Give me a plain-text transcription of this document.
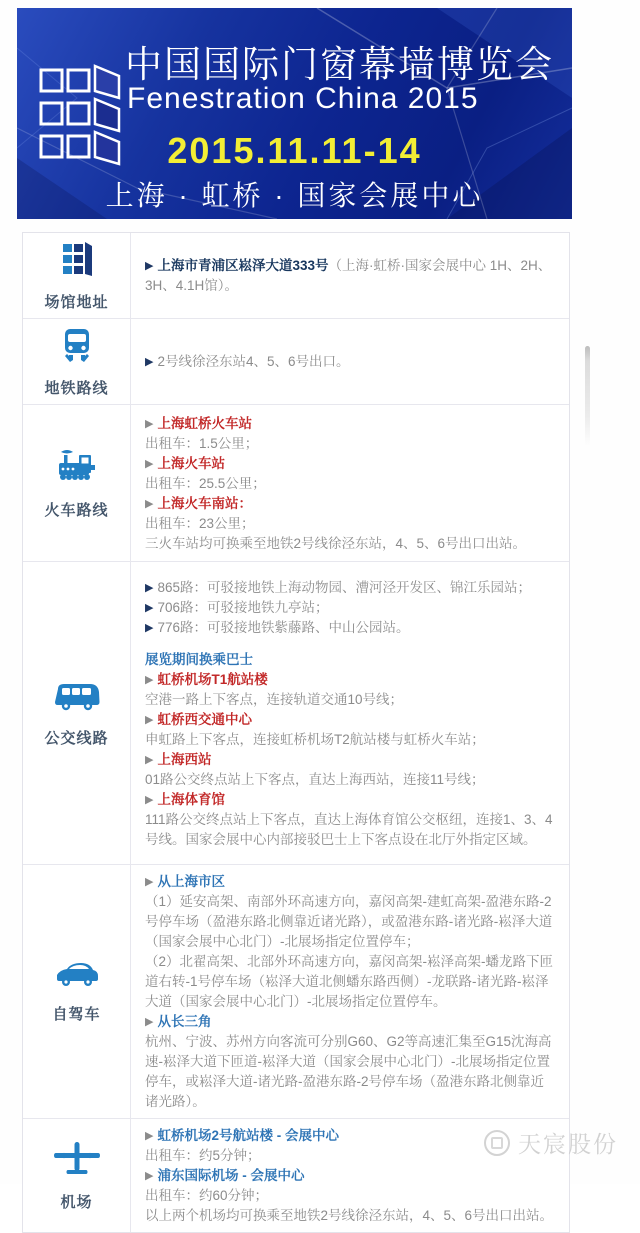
中国国际门窗幕墙博览会
Fenestration China 2015
2015.11.11-14
上海 · 虹桥 · 国家会展中心
场馆地址
▶ 上海市青浦区崧泽大道333号（上海·虹桥·国家会展中心 1H、2H、3H、4.1H馆）。
地铁路线
▶ 2号线徐泾东站4、5、6号出口。
火车路线
▶ 上海虹桥火车站
出租车：1.5公里；
▶ 上海火车站
出租车：25.5公里；
▶ 上海火车南站：
出租车：23公里；
三火车站均可换乘至地铁2号线徐泾东站，4、5、6号出口出站。
公交线路
▶ 865路：可驳接地铁上海动物园、漕河泾开发区、锦江乐园站；
▶ 706路：可驳接地铁九亭站；
▶ 776路：可驳接地铁紫藤路、中山公园站。
展览期间换乘巴士
▶ 虹桥机场T1航站楼
空港一路上下客点，连接轨道交通10号线；
▶ 虹桥西交通中心
申虹路上下客点，连接虹桥机场T2航站楼与虹桥火车站；
▶ 上海西站
01路公交终点站上下客点，直达上海西站，连接11号线；
▶ 上海体育馆
111路公交终点站上下客点，直达上海体育馆公交枢纽，连接1、3、4号线。国家会展中心内部接驳巴士上下客点设在北厅外指定区域。
自驾车
▶ 从上海市区
（1）延安高架、南部外环高速方向，嘉闵高架-建虹高架-盈港东路-2号停车场（盈港东路北侧靠近诸光路），或盈港东路-诸光路-崧泽大道（国家会展中心北门）-北展场指定位置停车；
（2）北翟高架、北部外环高速方向，嘉闵高架-崧泽高架-蟠龙路下匝道右转-1号停车场（崧泽大道北侧蟠东路西侧）-龙联路-诸光路-崧泽大道（国家会展中心北门）-北展场指定位置停车。
▶ 从长三角
杭州、宁波、苏州方向客流可分别G60、G2等高速汇集至G15沈海高速-崧泽大道下匝道-崧泽大道（国家会展中心北门）-北展场指定位置停车，或崧泽大道-诸光路-盈港东路-2号停车场（盈港东路北侧靠近诸光路）。
机场
▶ 虹桥机场2号航站楼 - 会展中心
出租车：约5分钟；
▶ 浦东国际机场 - 会展中心
出租车：约60分钟；
以上两个机场均可换乘至地铁2号线徐泾东站，4、5、6号出口出站。
天宸股份
